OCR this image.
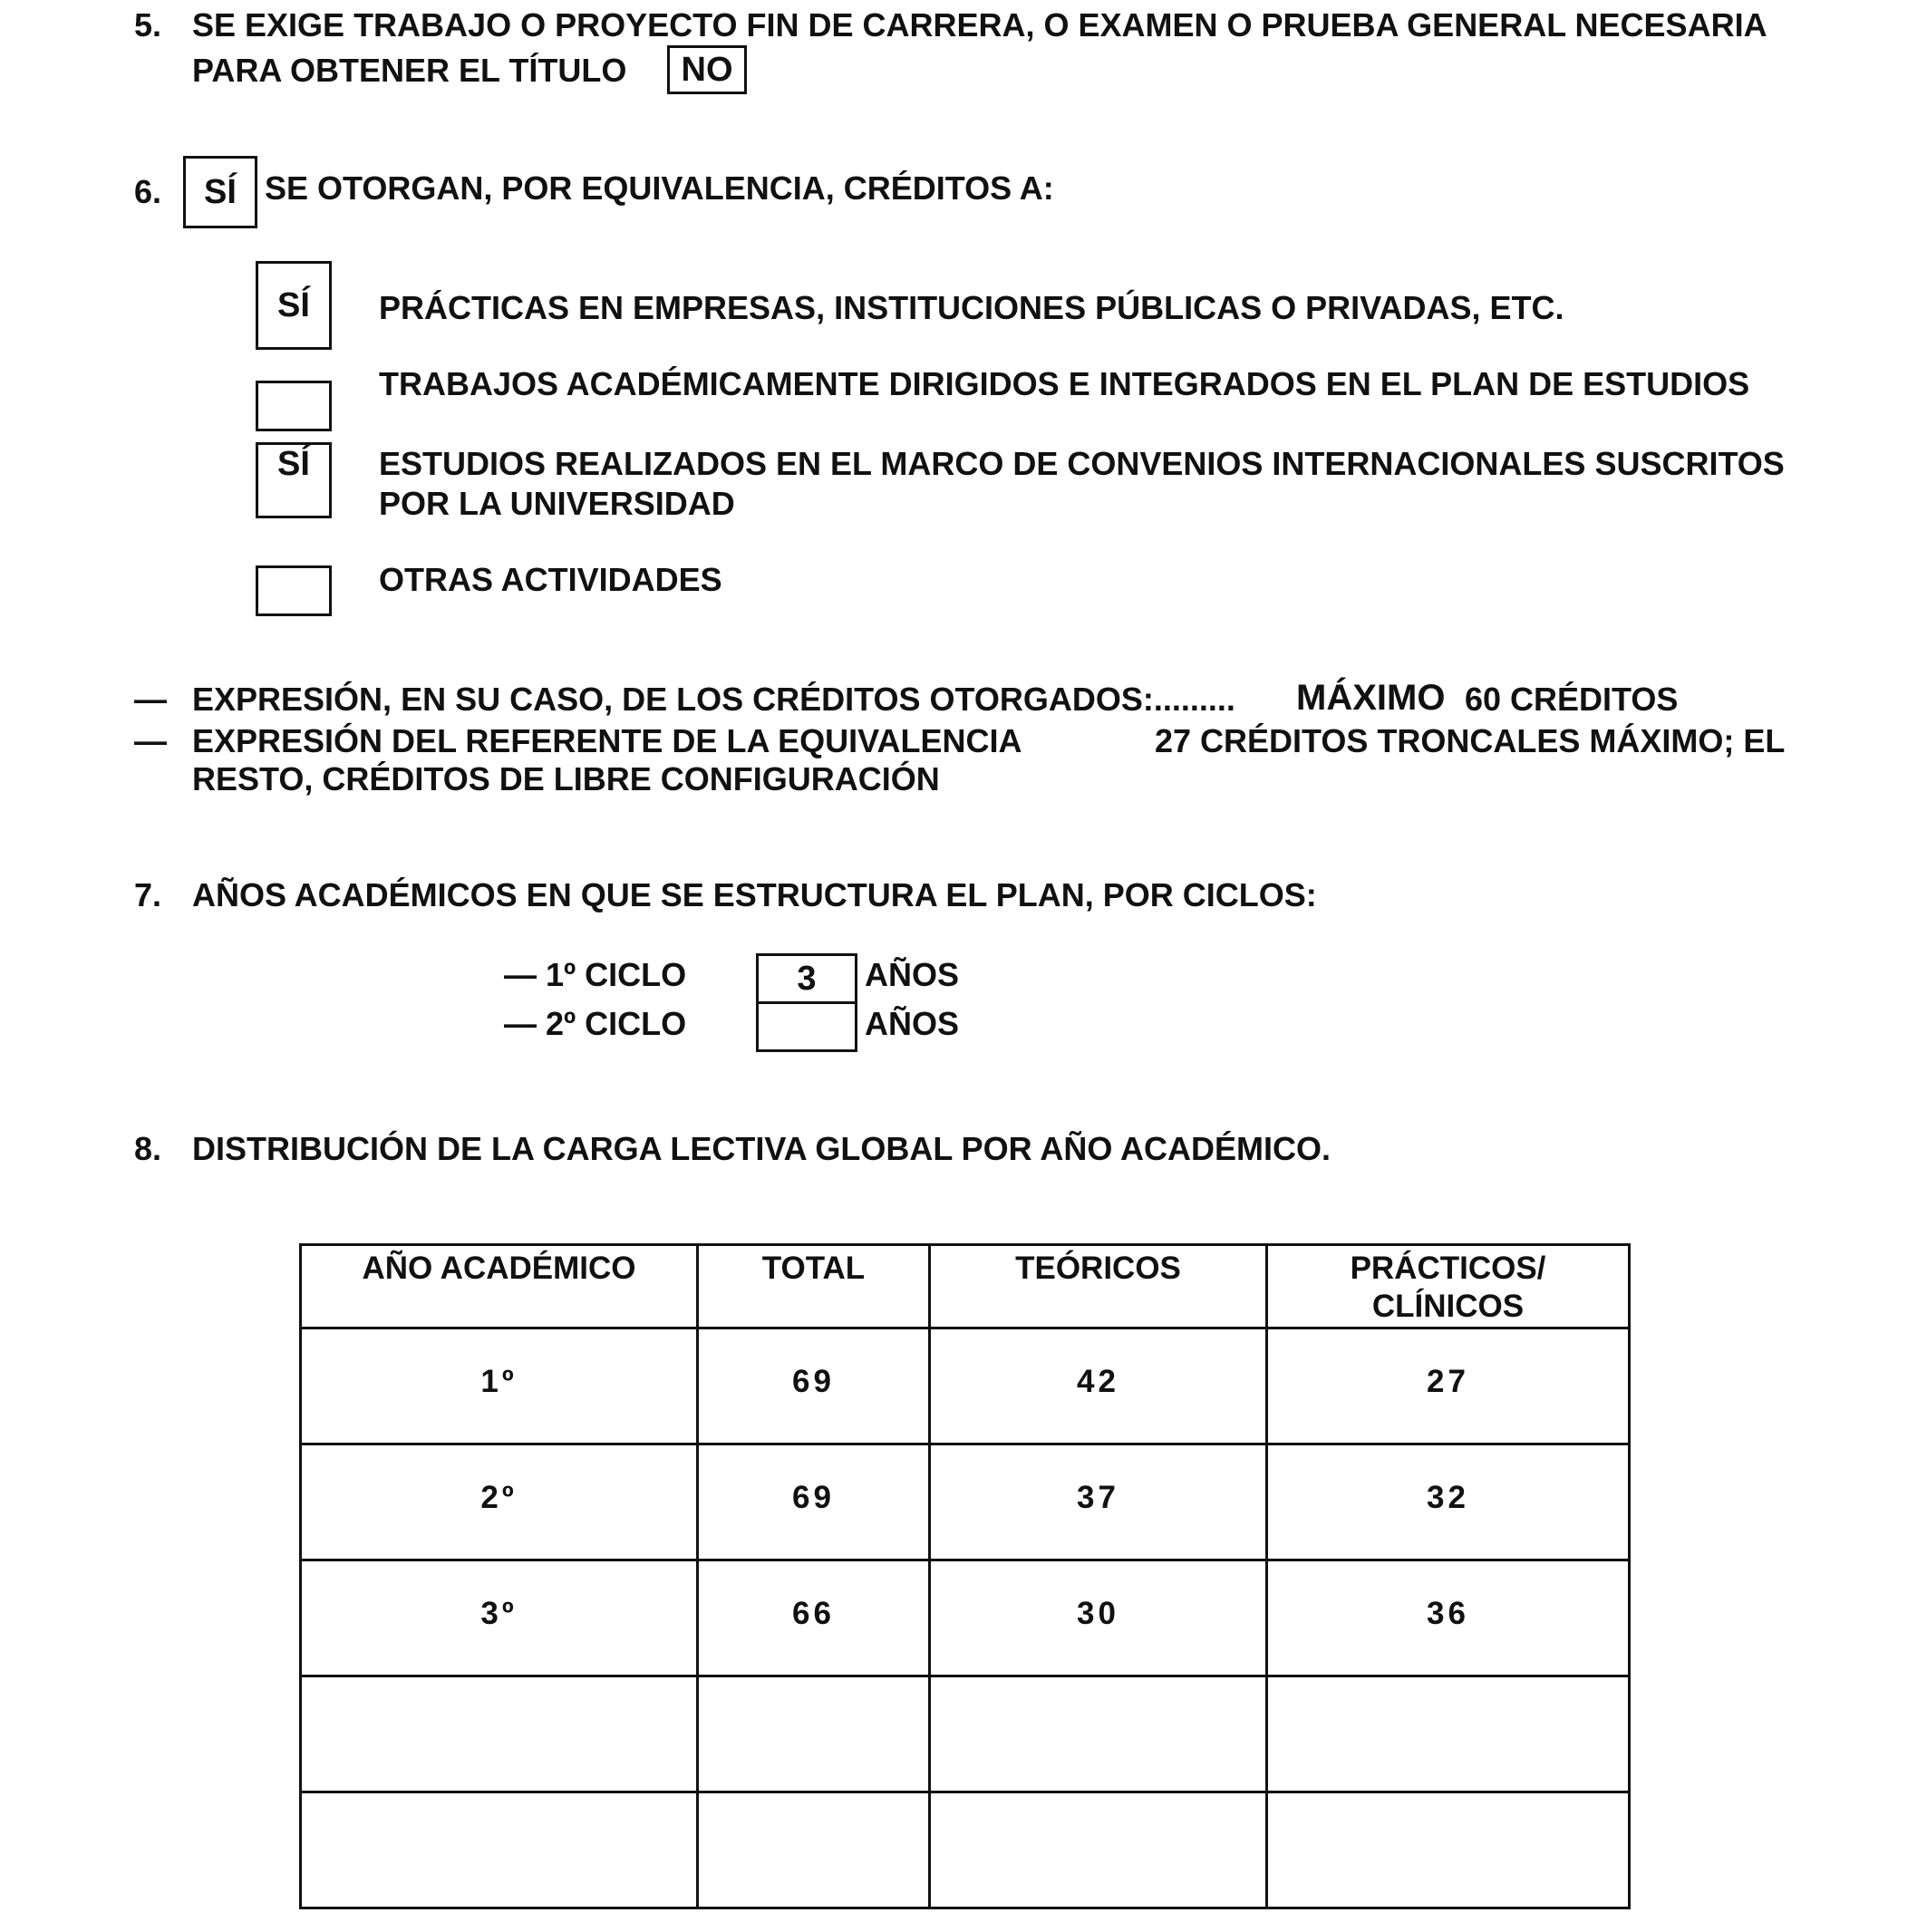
5. SE EXIGE TRABAJO O PROYECTO FIN DE CARRERA, O EXAMEN O PRUEBA GENERAL NECESARIA
PARA OBTENER EL TÍTULO	NO
6.	SÍ SE OTORGAN, POR EQUIVALENCIA, CRÉDITOS A:
SÍ	PRÁCTICAS EN EMPRESAS, INSTITUCIONES PÚBLICAS O PRIVADAS, ETC.
TRABAJOS ACADÉMICAMENTE DIRIGIDOS E INTEGRADOS EN EL PLAN DE ESTUDIOS
SÍ	ESTUDIOS REALIZADOS EN EL MARCO DE CONVENIOS INTERNACIONALES SUSCRITOS
POR LA UNIVERSIDAD
OTRAS ACTIVIDADES
— EXPRESIÓN, EN SU CASO, DE LOS CRÉDITOS OTORGADOS:......... MÁXIMO 60 CRÉDITOS
— EXPRESIÓN DEL REFERENTE DE LA EQUIVALENCIA	27 CRÉDITOS TRONCALES MÁXIMO; EL
RESTO, CRÉDITOS DE LIBRE CONFIGURACIÓN
7. AÑOS ACADÉMICOS EN QUE SE ESTRUCTURA EL PLAN, POR CICLOS:
— 1º CICLO	3	AÑOS
— 2º CICLO	AÑOS
8. DISTRIBUCIÓN DE LA CARGA LECTIVA GLOBAL POR AÑO ACADÉMICO.
AÑO ACADÉMICO	TOTAL	TEÓRICOS	PRÁCTICOS/
CLÍNICOS
1º	69	42	27
2º	69	37	32
3º	66	30	36
